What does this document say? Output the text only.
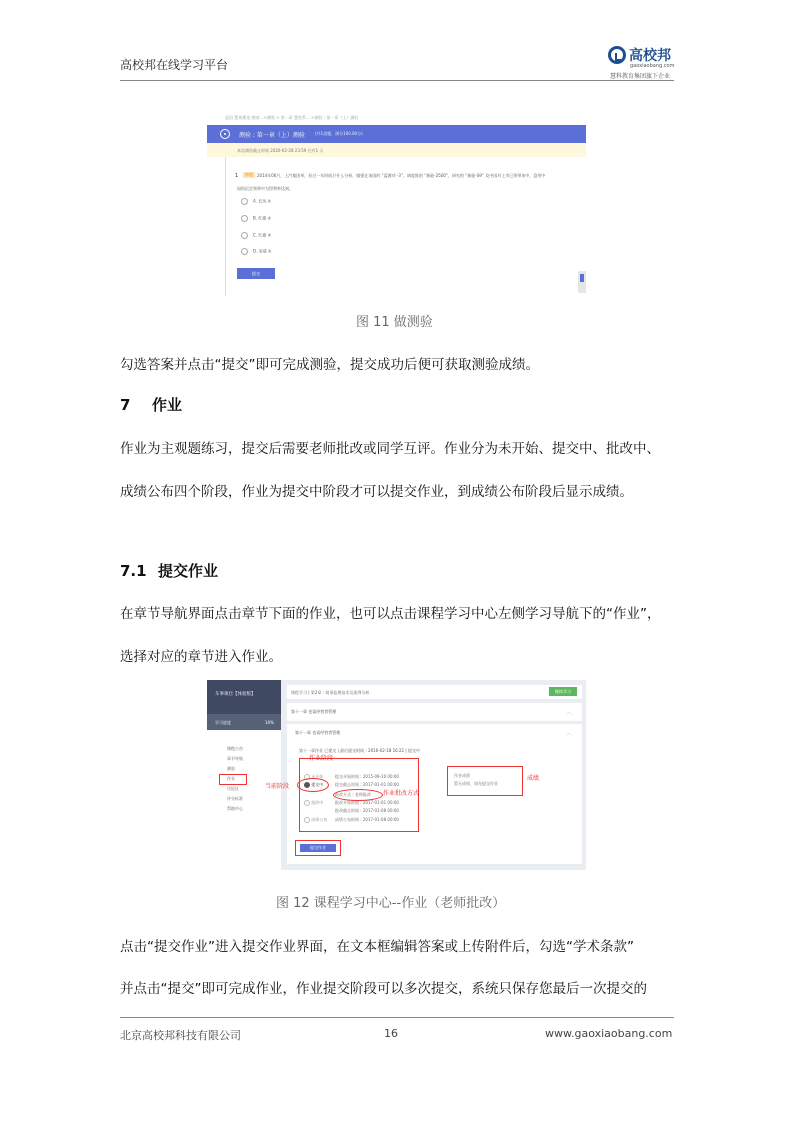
高校邦在线学习平台
高校邦
gaoxiaobang.com
慧科教育集团旗下企业
返回 慧鱼理论-教育...>测验 > 第一章 慧鱼系... >测验 : 第一章（上）测验
测验 : 第一章（上）测验	(共1道题，满分100.00分)
本次测验截止时间 2020-02-28 23:59 还有1 天
1	单选	2014年06月，上汽集团举，但过一年时间只什么分析，做强在该国的 “蓝菌项 -3”，调度推的 “新能-2500”，研究的 “新能-S9” 及中国对上市已领带来中，盘用中
国的沉定领带中为得利率达到。
A. 长风 ④
B. 红旗 ④
C. 红旗 ④
D. 荣威 ④
提交
图 11 做测验
勾选答案并点击“提交”即可完成测验，提交成功后便可获取测验成绩。
7 作业
作业为主观题练习，提交后需要老师批改或同学互评。作业分为未开始、提交中、批改中、
成绩公布四个阶段，作业为提交中阶段才可以提交作业，到成绩公布阶段后显示成绩。
7.1 提交作业
在章节导航界面点击章节下面的作业，也可以点击课程学习中心左侧学习导航下的“作业”，
选择对应的章节进入作业。
车事项目【体验版】
学习进度	10%
课程公告
章节导航
测验
作业
讨论区
评分标准
帮助中心
课程学习 | 第2章 : 商事监理技术及案例分析	继续学习
第十一章 也谈经营者管理	︿
第十一章 也谈经营者管理	︿
第十一章作业 已提交 | 最后提交时间 : 2016-02-18 16:22 | 提交中
未开始
提交中
批改中
成绩公布
提交开始时间 : 2015-09-10 00:00
提交截止时间 : 2017-01-01 00:00
批改方式 : 老师批改
批改开始时间 : 2017-01-01 00:00
批改截止时间 : 2017-01-08 00:00
成绩公布时间 : 2017-01-08 00:00
作业成绩
暂无成绩，请先提交作业
提交作业
作业阶段
当前阶段
作业批改方式
成绩
图 12 课程学习中心--作业（老师批改）
点击“提交作业”进入提交作业界面，在文本框编辑答案或上传附件后，勾选“学术条款”
并点击“提交”即可完成作业，作业提交阶段可以多次提交，系统只保存您最后一次提交的
北京高校邦科技有限公司	16	www.gaoxiaobang.com
